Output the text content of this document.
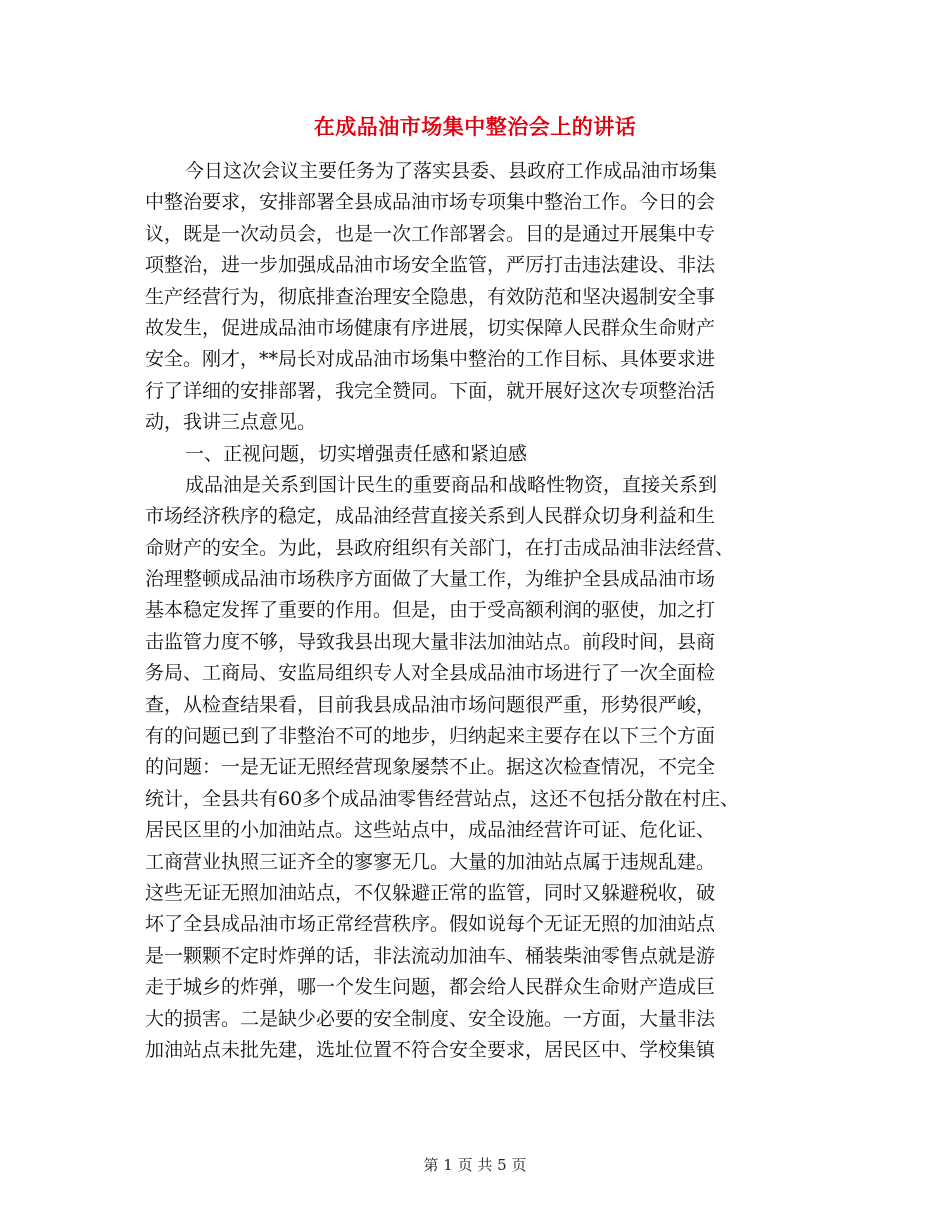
在成品油市场集中整治会上的讲话
今日这次会议主要任务为了落实县委、县政府工作成品油市场集
中整治要求，安排部署全县成品油市场专项集中整治工作。今日的会
议，既是一次动员会，也是一次工作部署会。目的是通过开展集中专
项整治，进一步加强成品油市场安全监管，严厉打击违法建设、非法
生产经营行为，彻底排查治理安全隐患，有效防范和坚决遏制安全事
故发生，促进成品油市场健康有序进展，切实保障人民群众生命财产
安全。刚才，**局长对成品油市场集中整治的工作目标、具体要求进
行了详细的安排部署，我完全赞同。下面，就开展好这次专项整治活
动，我讲三点意见。
一、正视问题，切实增强责任感和紧迫感
成品油是关系到国计民生的重要商品和战略性物资，直接关系到
市场经济秩序的稳定，成品油经营直接关系到人民群众切身利益和生
命财产的安全。为此，县政府组织有关部门，在打击成品油非法经营、
治理整顿成品油市场秩序方面做了大量工作，为维护全县成品油市场
基本稳定发挥了重要的作用。但是，由于受高额利润的驱使，加之打
击监管力度不够，导致我县出现大量非法加油站点。前段时间，县商
务局、工商局、安监局组织专人对全县成品油市场进行了一次全面检
查，从检查结果看，目前我县成品油市场问题很严重，形势很严峻，
有的问题已到了非整治不可的地步，归纳起来主要存在以下三个方面
的问题：一是无证无照经营现象屡禁不止。据这次检查情况，不完全
统计，全县共有60多个成品油零售经营站点，这还不包括分散在村庄、
居民区里的小加油站点。这些站点中，成品油经营许可证、危化证、
工商营业执照三证齐全的寥寥无几。大量的加油站点属于违规乱建。
这些无证无照加油站点，不仅躲避正常的监管，同时又躲避税收，破
坏了全县成品油市场正常经营秩序。假如说每个无证无照的加油站点
是一颗颗不定时炸弹的话，非法流动加油车、桶装柴油零售点就是游
走于城乡的炸弹，哪一个发生问题，都会给人民群众生命财产造成巨
大的损害。二是缺少必要的安全制度、安全设施。一方面，大量非法
加油站点未批先建，选址位置不符合安全要求，居民区中、学校集镇
第 1 页 共 5 页
